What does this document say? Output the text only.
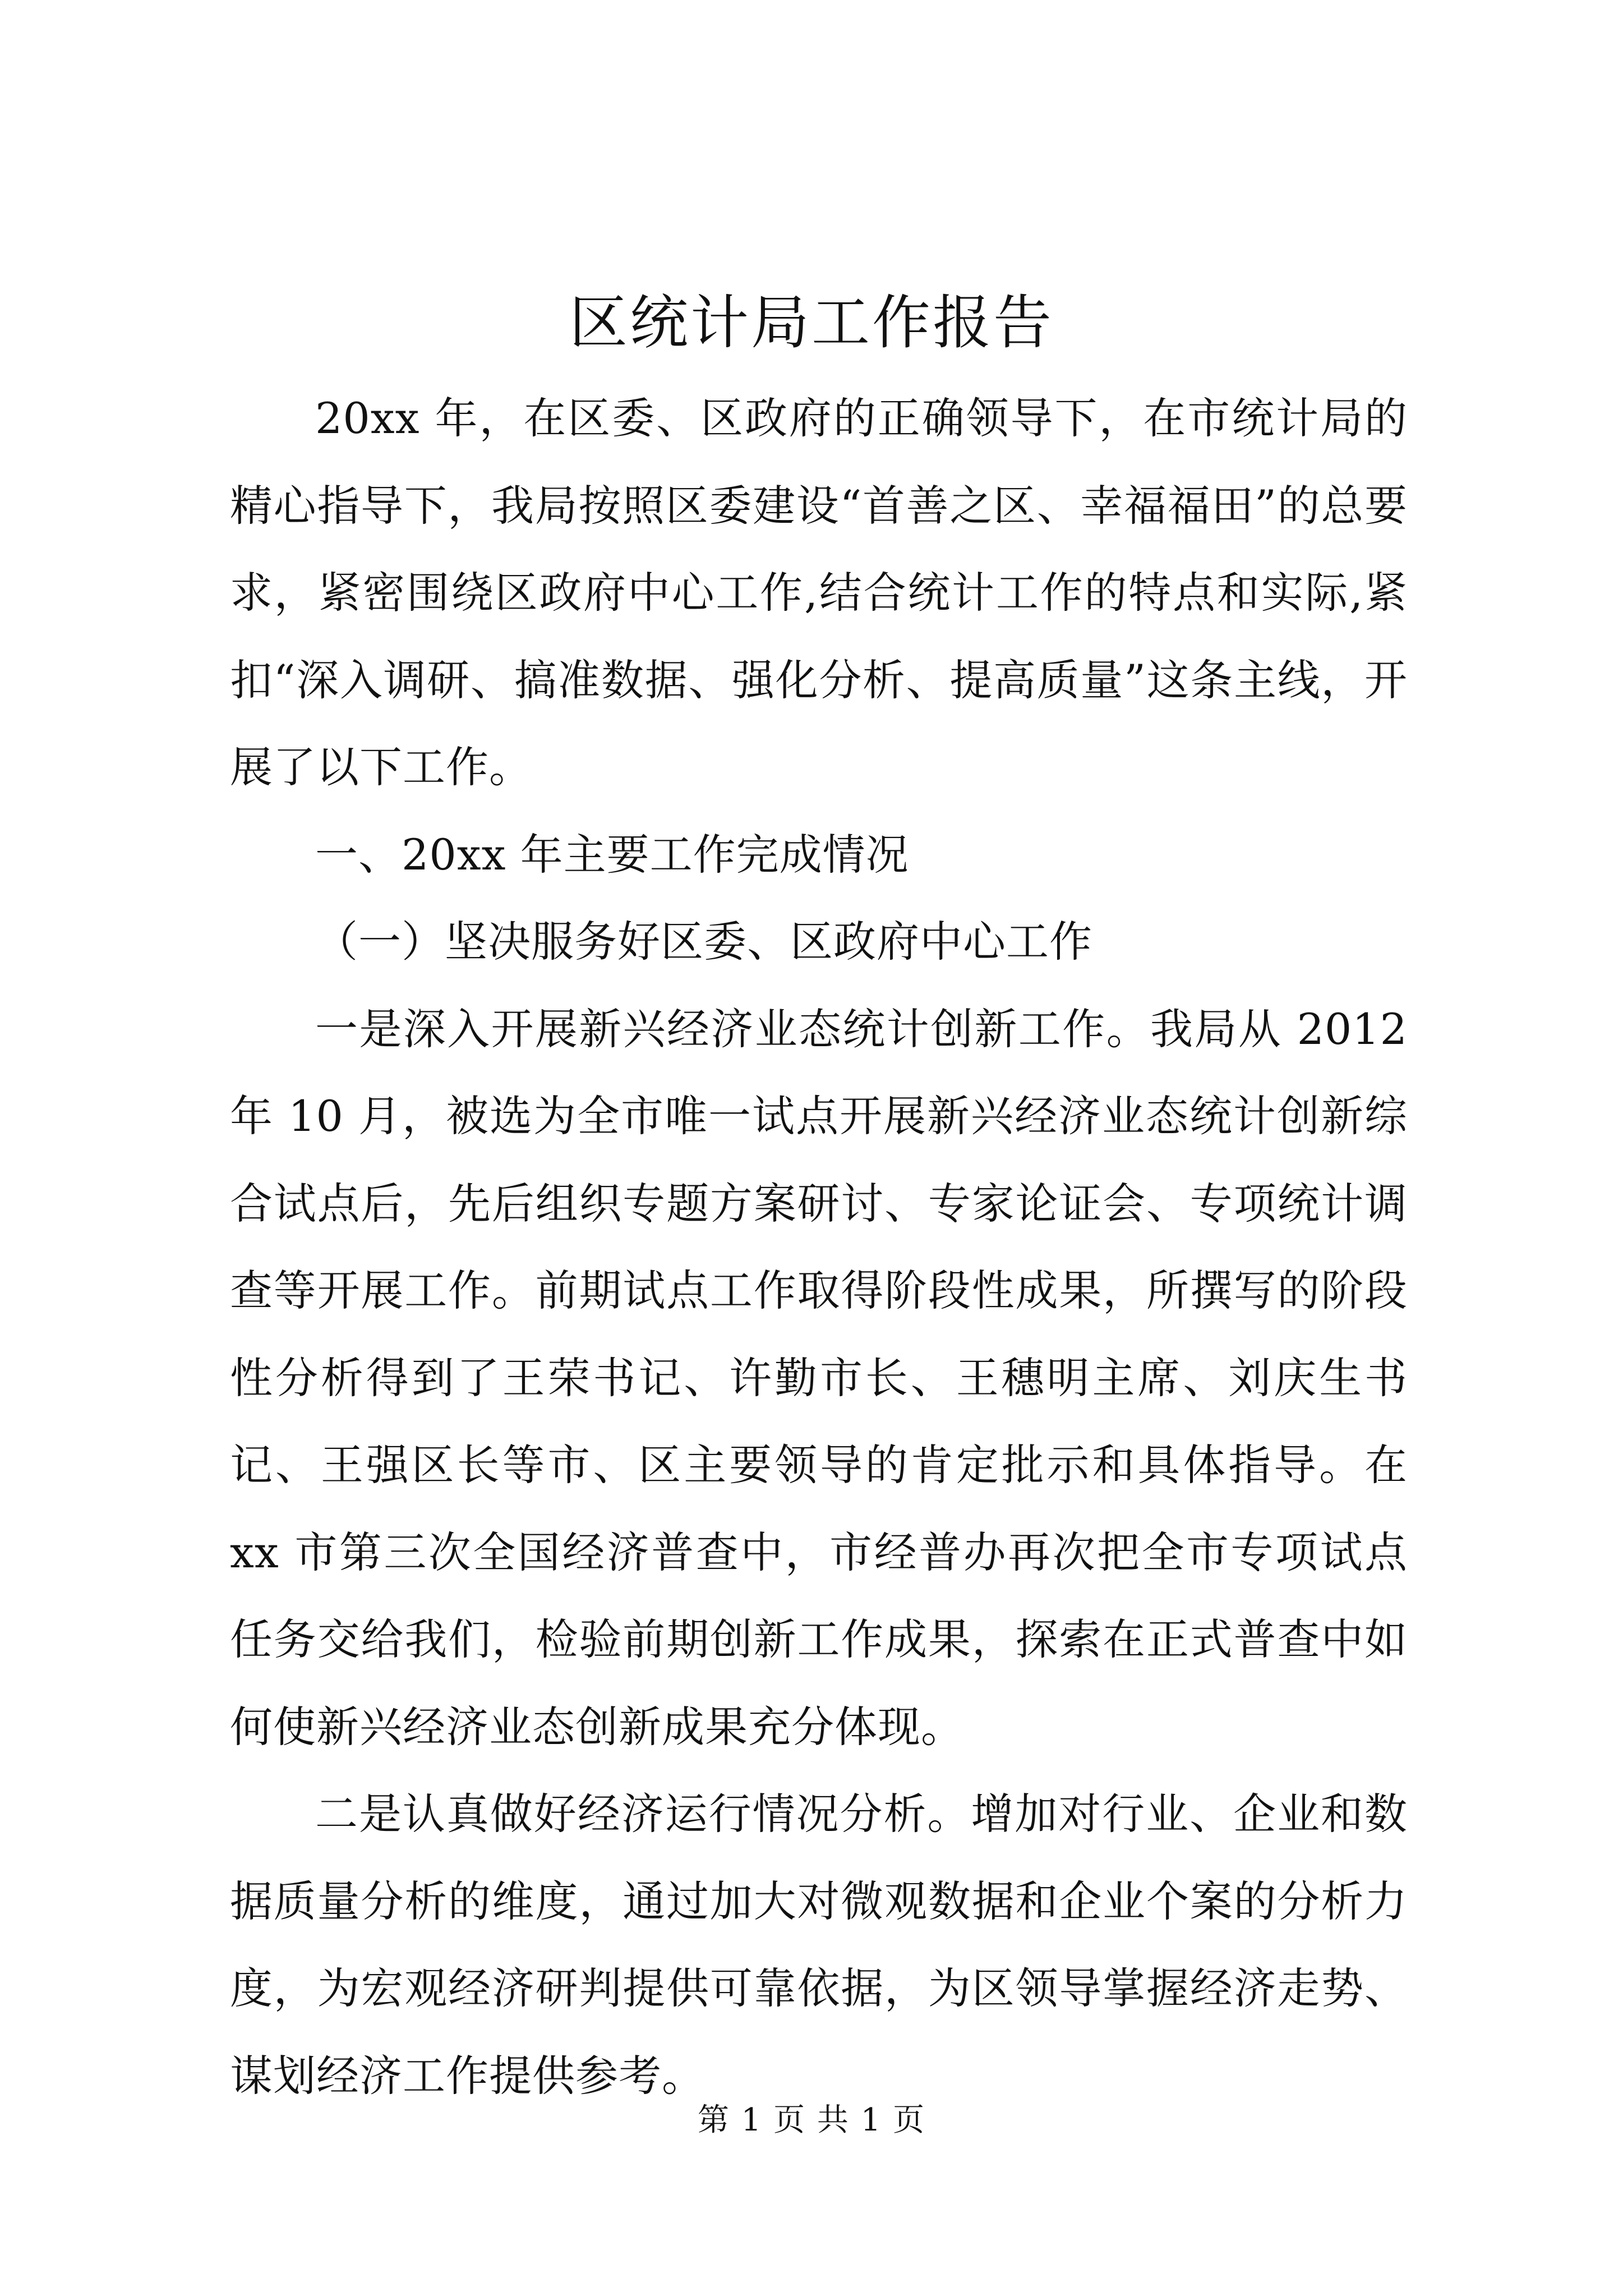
区统计局工作报告

20xx 年，在区委、区政府的正确领导下，在市统计局的精心指导下，我局按照区委建设“首善之区、幸福福田”的总要求，紧密围绕区政府中心工作,结合统计工作的特点和实际,紧扣“深入调研、搞准数据、强化分析、提高质量”这条主线，开展了以下工作。

一、20xx 年主要工作完成情况

（一）坚决服务好区委、区政府中心工作

一是深入开展新兴经济业态统计创新工作。我局从 2012 年 10 月，被选为全市唯一试点开展新兴经济业态统计创新综合试点后，先后组织专题方案研讨、专家论证会、专项统计调查等开展工作。前期试点工作取得阶段性成果，所撰写的阶段性分析得到了王荣书记、许勤市长、王穗明主席、刘庆生书记、王强区长等市、区主要领导的肯定批示和具体指导。在 xx 市第三次全国经济普查中，市经普办再次把全市专项试点任务交给我们，检验前期创新工作成果，探索在正式普查中如何使新兴经济业态创新成果充分体现。

二是认真做好经济运行情况分析。增加对行业、企业和数据质量分析的维度，通过加大对微观数据和企业个案的分析力度，为宏观经济研判提供可靠依据，为区领导掌握经济走势、谋划经济工作提供参考。

第 1 页 共 1 页
